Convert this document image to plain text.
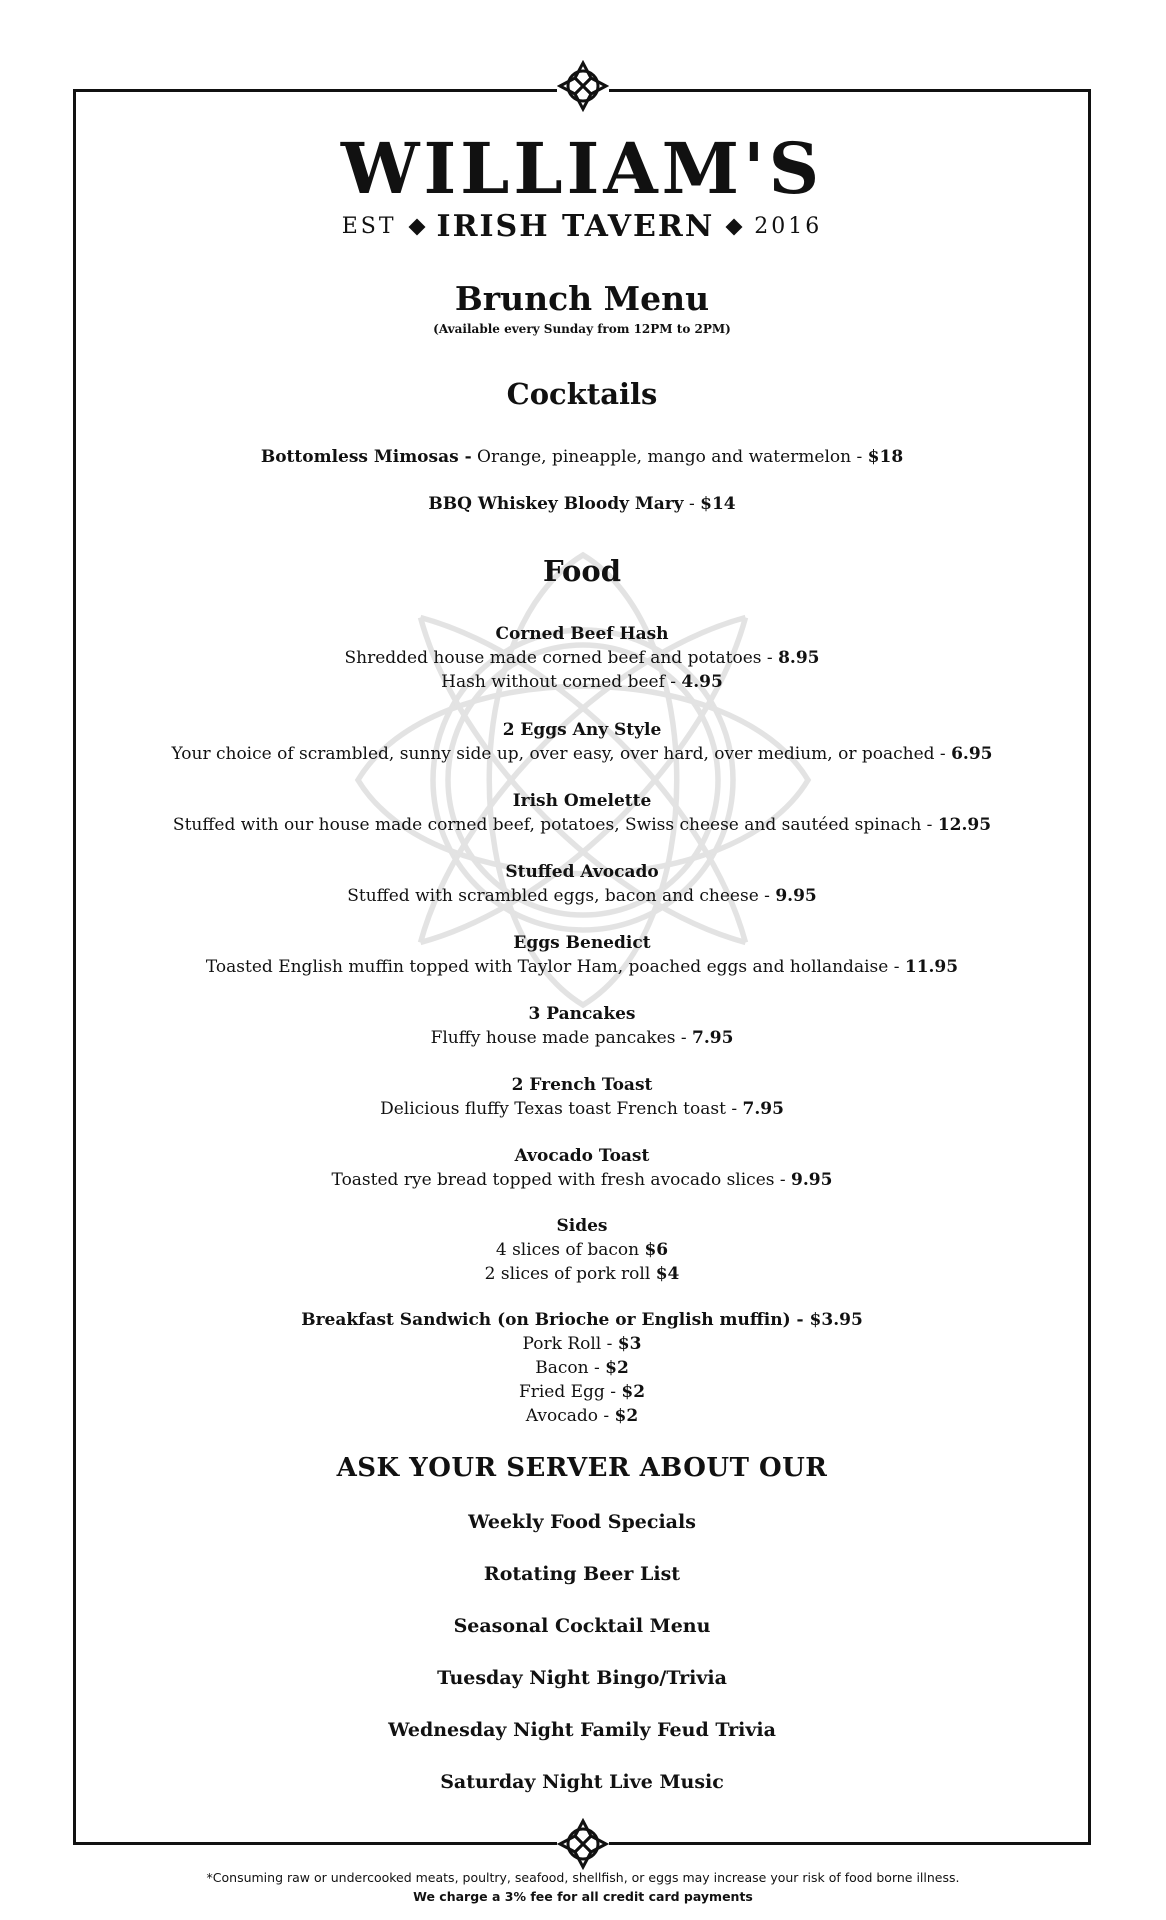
WILLIAM'S
EST IRISH TAVERN 2016
Brunch Menu
(Available every Sunday from 12PM to 2PM)
Cocktails
Bottomless Mimosas - Orange, pineapple, mango and watermelon - $18
BBQ Whiskey Bloody Mary - $14
Food
Corned Beef Hash
Shredded house made corned beef and potatoes - 8.95
Hash without corned beef - 4.95
2 Eggs Any Style
Your choice of scrambled, sunny side up, over easy, over hard, over medium, or poached - 6.95
Irish Omelette
Stuffed with our house made corned beef, potatoes, Swiss cheese and sautéed spinach - 12.95
Stuffed Avocado
Stuffed with scrambled eggs, bacon and cheese - 9.95
Eggs Benedict
Toasted English muffin topped with Taylor Ham, poached eggs and hollandaise - 11.95
3 Pancakes
Fluffy house made pancakes - 7.95
2 French Toast
Delicious fluffy Texas toast French toast - 7.95
Avocado Toast
Toasted rye bread topped with fresh avocado slices - 9.95
Sides
4 slices of bacon $6
2 slices of pork roll $4
Breakfast Sandwich (on Brioche or English muffin) - $3.95
Pork Roll - $3
Bacon - $2
Fried Egg - $2
Avocado - $2
ASK YOUR SERVER ABOUT OUR
Weekly Food Specials
Rotating Beer List
Seasonal Cocktail Menu
Tuesday Night Bingo/Trivia
Wednesday Night Family Feud Trivia
Saturday Night Live Music
*Consuming raw or undercooked meats, poultry, seafood, shellfish, or eggs may increase your risk of food borne illness.
We charge a 3% fee for all credit card payments
